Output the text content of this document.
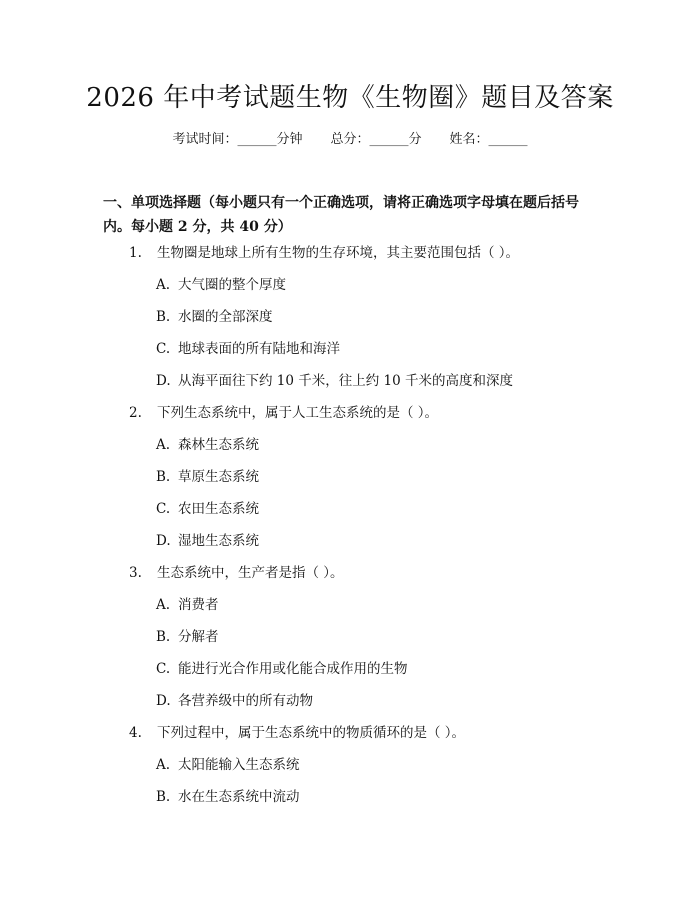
2026 年中考试题生物《生物圈》题目及答案
考试时间：______分钟 总分：______分 姓名：______
一、单项选择题（每小题只有一个正确选项，请将正确选项字母填在题后括号
内。每小题 2 分，共 40 分）
1. 生物圈是地球上所有生物的生存环境，其主要范围包括（ ）。
A. 大气圈的整个厚度
B. 水圈的全部深度
C. 地球表面的所有陆地和海洋
D. 从海平面往下约 10 千米，往上约 10 千米的高度和深度
2. 下列生态系统中，属于人工生态系统的是（ ）。
A. 森林生态系统
B. 草原生态系统
C. 农田生态系统
D. 湿地生态系统
3. 生态系统中，生产者是指（ ）。
A. 消费者
B. 分解者
C. 能进行光合作用或化能合成作用的生物
D. 各营养级中的所有动物
4. 下列过程中，属于生态系统中的物质循环的是（ ）。
A. 太阳能输入生态系统
B. 水在生态系统中流动
